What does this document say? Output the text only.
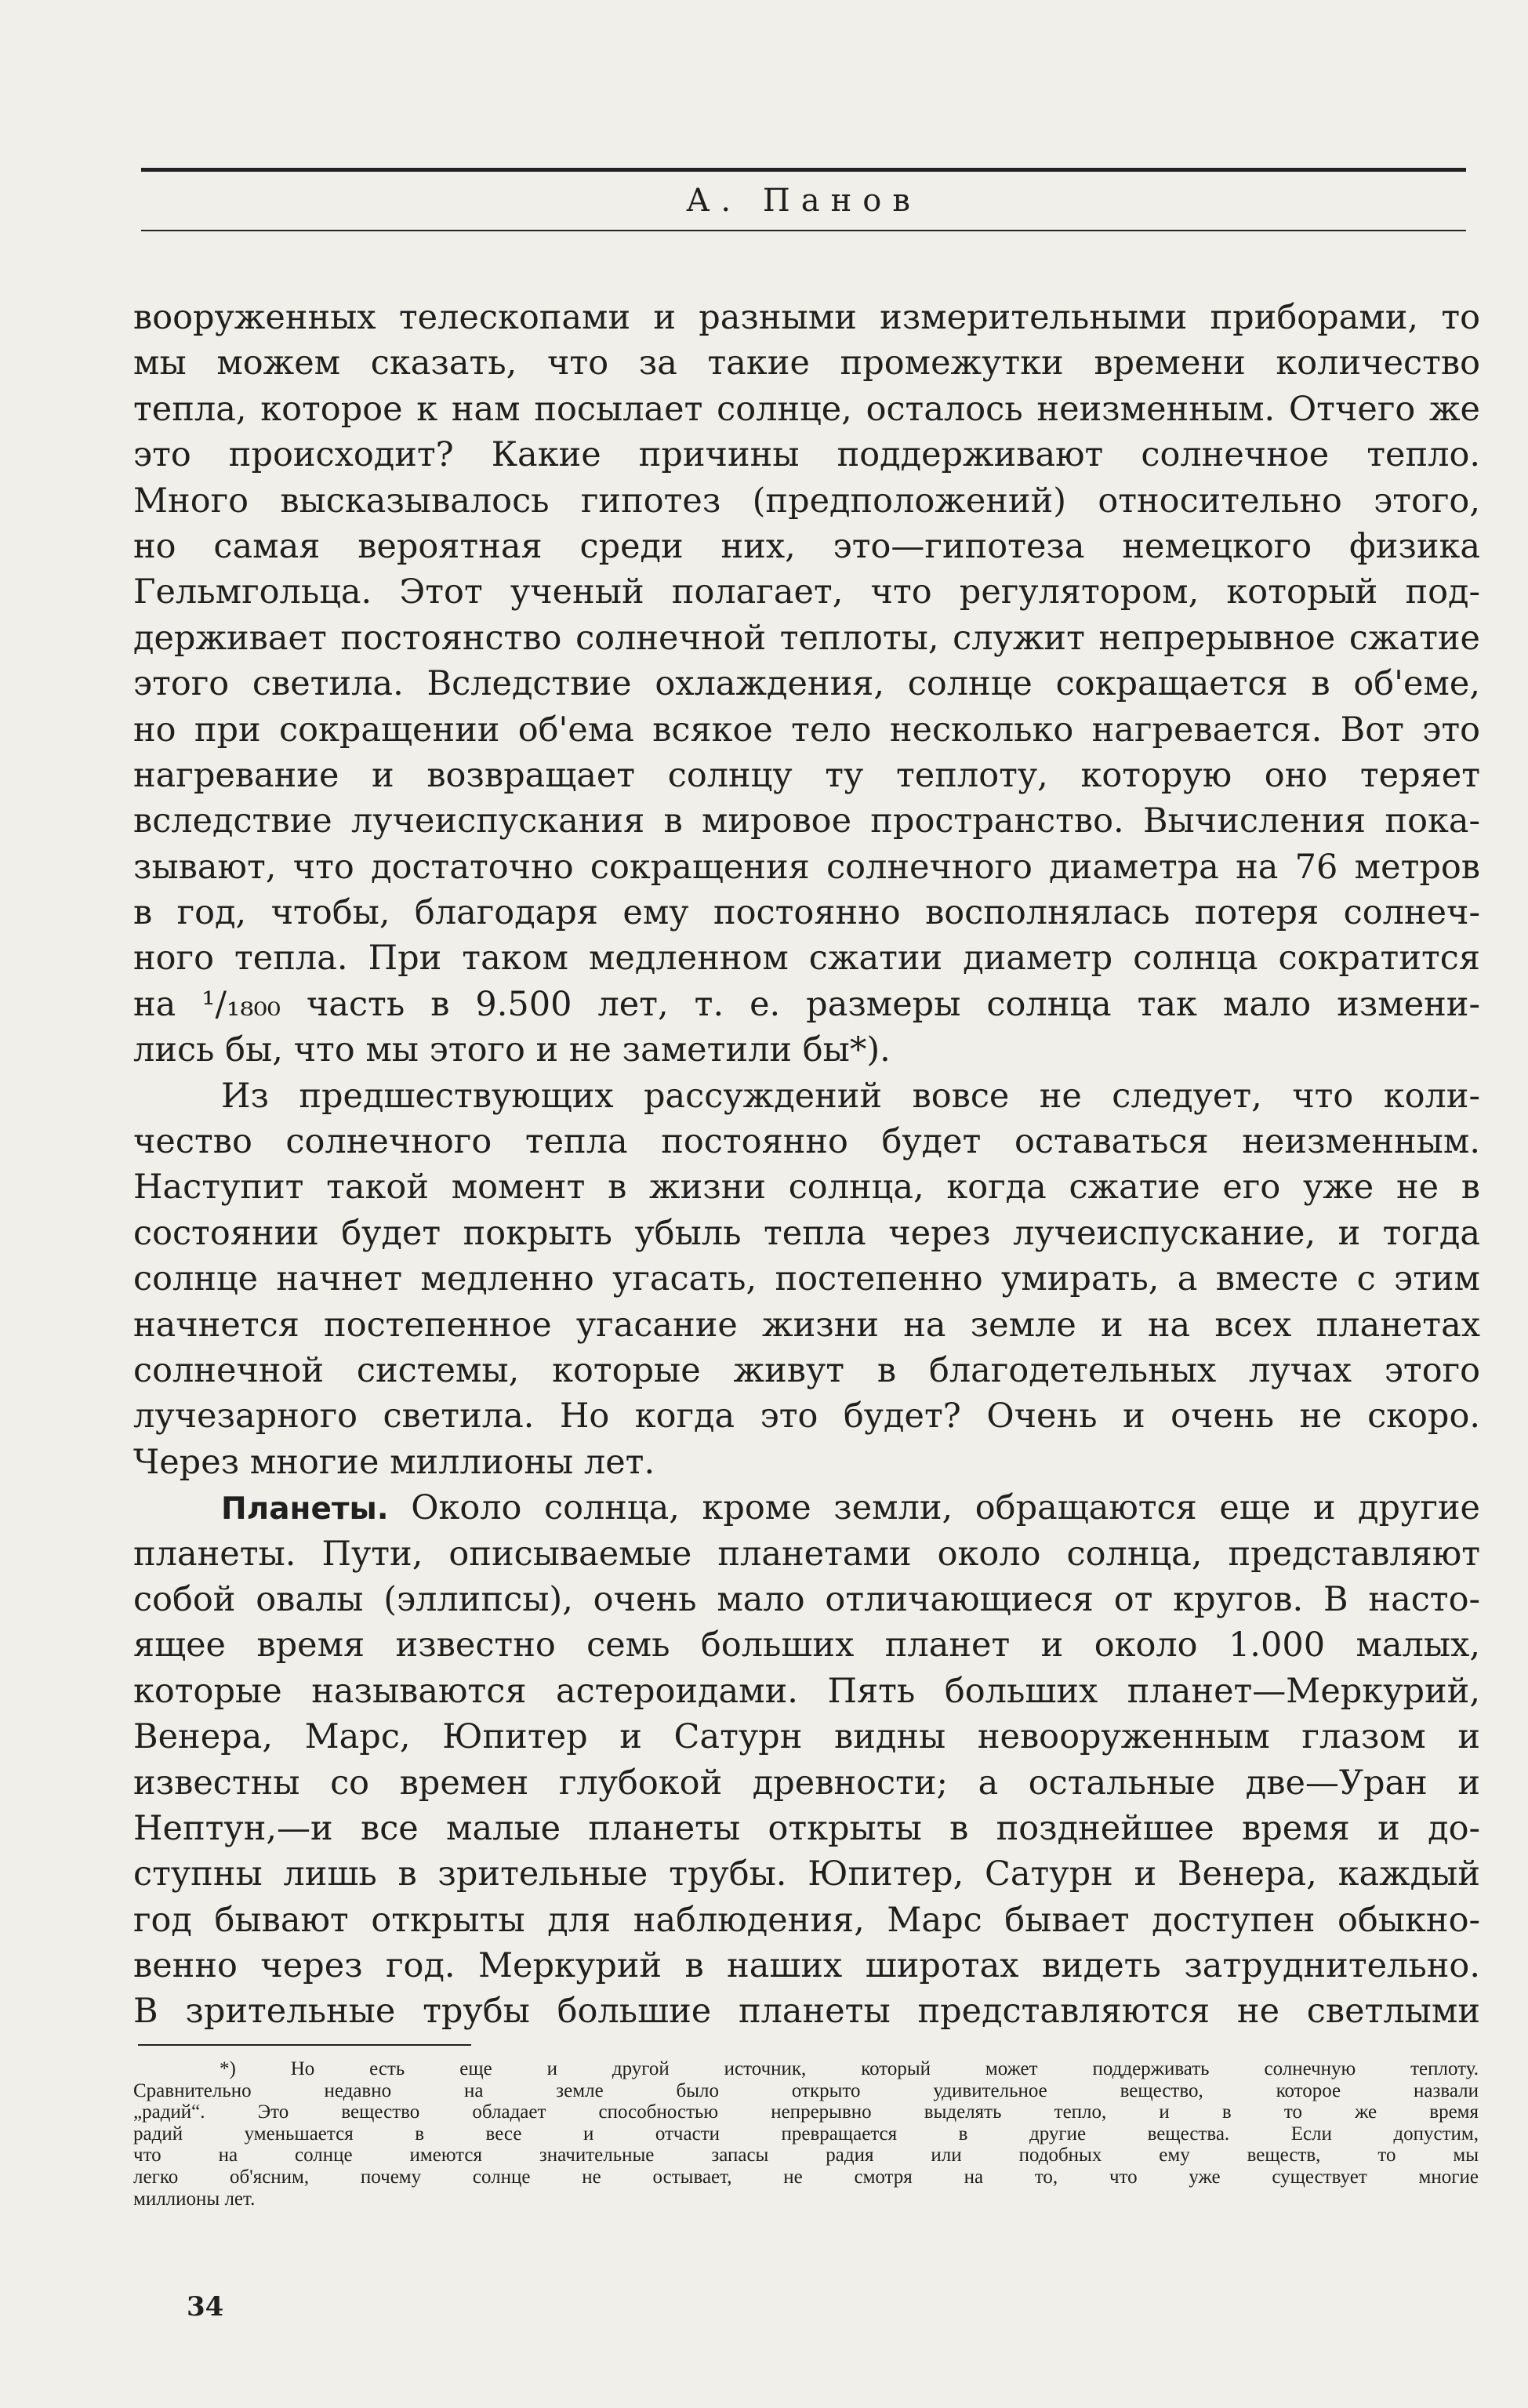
А. Панов
вооруженных телескопами и разными измерительными приборами, то
мы можем сказать, что за такие промежутки времени количество
тепла, которое к нам посылает солнце, осталось неизменным. Отчего же
это происходит? Какие причины поддерживают солнечное тепло.
Много высказывалось гипотез (предположений) относительно этого,
но самая вероятная среди них, это—гипотеза немецкого физика
Гельмгольца. Этот ученый полагает, что регулятором, который под-
держивает постоянство солнечной теплоты, служит непрерывное сжатие
этого светила. Вследствие охлаждения, солнце сокращается в об'еме,
но при сокращении об'ема всякое тело несколько нагревается. Вот это
нагревание и возвращает солнцу ту теплоту, которую оно теряет
вследствие лучеиспускания в мировое пространство. Вычисления пока-
зывают, что достаточно сокращения солнечного диаметра на 76 метров
в год, чтобы, благодаря ему постоянно восполнялась потеря солнеч-
ного тепла. При таком медленном сжатии диаметр солнца сократится
на ¹/₁₈₀₀ часть в 9.500 лет, т. е. размеры солнца так мало измени-
лись бы, что мы этого и не заметили бы*).
Из предшествующих рассуждений вовсе не следует, что коли-
чество солнечного тепла постоянно будет оставаться неизменным.
Наступит такой момент в жизни солнца, когда сжатие его уже не в
состоянии будет покрыть убыль тепла через лучеиспускание, и тогда
солнце начнет медленно угасать, постепенно умирать, а вместе с этим
начнется постепенное угасание жизни на земле и на всех планетах
солнечной системы, которые живут в благодетельных лучах этого
лучезарного светила. Но когда это будет? Очень и очень не скоро.
Через многие миллионы лет.
Планеты. Около солнца, кроме земли, обращаются еще и другие
планеты. Пути, описываемые планетами около солнца, представляют
собой овалы (эллипсы), очень мало отличающиеся от кругов. В насто-
ящее время известно семь больших планет и около 1.000 малых,
которые называются астероидами. Пять больших планет—Меркурий,
Венера, Марс, Юпитер и Сатурн видны невооруженным глазом и
известны со времен глубокой древности; а остальные две—Уран и
Нептун,—и все малые планеты открыты в позднейшее время и до-
ступны лишь в зрительные трубы. Юпитер, Сатурн и Венера, каждый
год бывают открыты для наблюдения, Марс бывает доступен обыкно-
венно через год. Меркурий в наших широтах видеть затруднительно.
В зрительные трубы большие планеты представляются не светлыми
*) Но есть еще и другой источник, который может поддерживать солнечную теплоту.
Сравнительно недавно на земле было открыто удивительное вещество, которое назвали
„радий“. Это вещество обладает способностью непрерывно выделять тепло, и в то же время
радий уменьшается в весе и отчасти превращается в другие вещества. Если допустим,
что на солнце имеются значительные запасы радия или подобных ему веществ, то мы
легко об'ясним, почему солнце не остывает, не смотря на то, что уже существует многие
миллионы лет.
34
